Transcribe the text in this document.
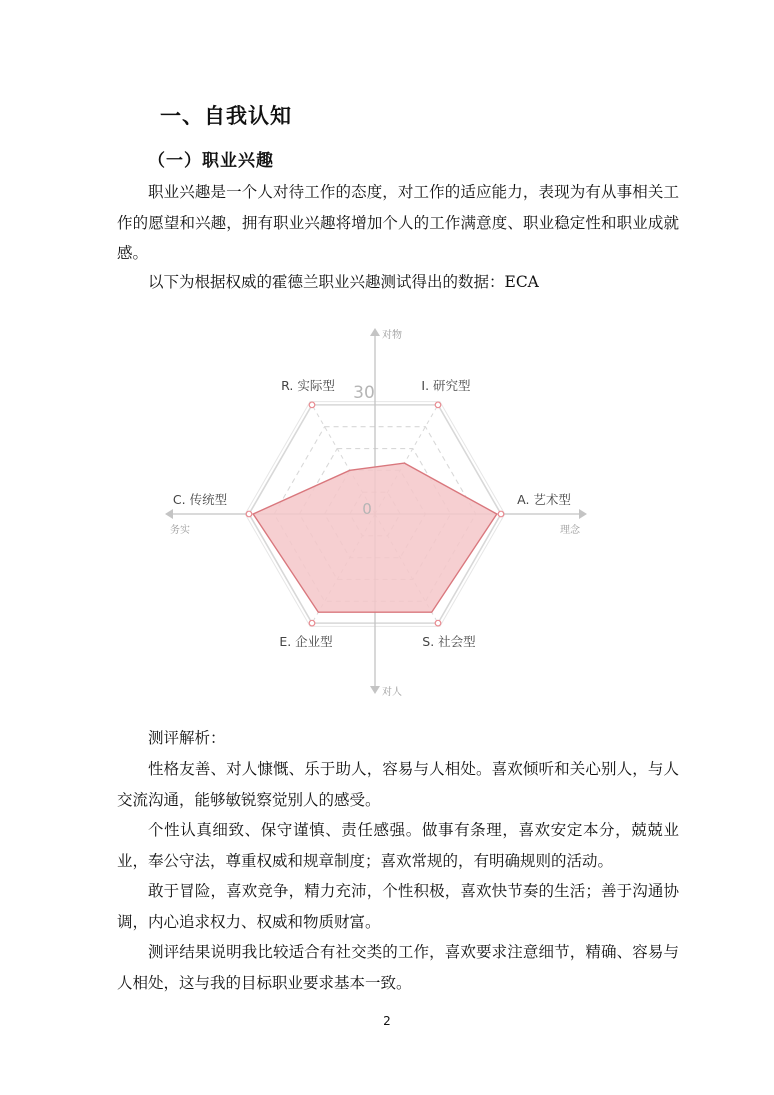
一、自我认知
（一）职业兴趣

职业兴趣是一个人对待工作的态度，对工作的适应能力，表现为有从事相关工作的愿望和兴趣，拥有职业兴趣将增加个人的工作满意度、职业稳定性和职业成就感。

以下为根据权威的霍德兰职业兴趣测试得出的数据：ECA

30
0
R. 实际型	I. 研究型
A. 艺术型
S. 社会型
E. 企业型
C. 传统型
对物
对人
理念
务实

测评解析：

性格友善、对人慷慨、乐于助人，容易与人相处。喜欢倾听和关心别人，与人交流沟通，能够敏锐察觉别人的感受。

个性认真细致、保守谨慎、责任感强。做事有条理，喜欢安定本分，兢兢业业，奉公守法，尊重权威和规章制度；喜欢常规的，有明确规则的活动。

敢于冒险，喜欢竞争，精力充沛，个性积极，喜欢快节奏的生活；善于沟通协调，内心追求权力、权威和物质财富。

测评结果说明我比较适合有社交类的工作，喜欢要求注意细节，精确、容易与人相处，这与我的目标职业要求基本一致。

2
